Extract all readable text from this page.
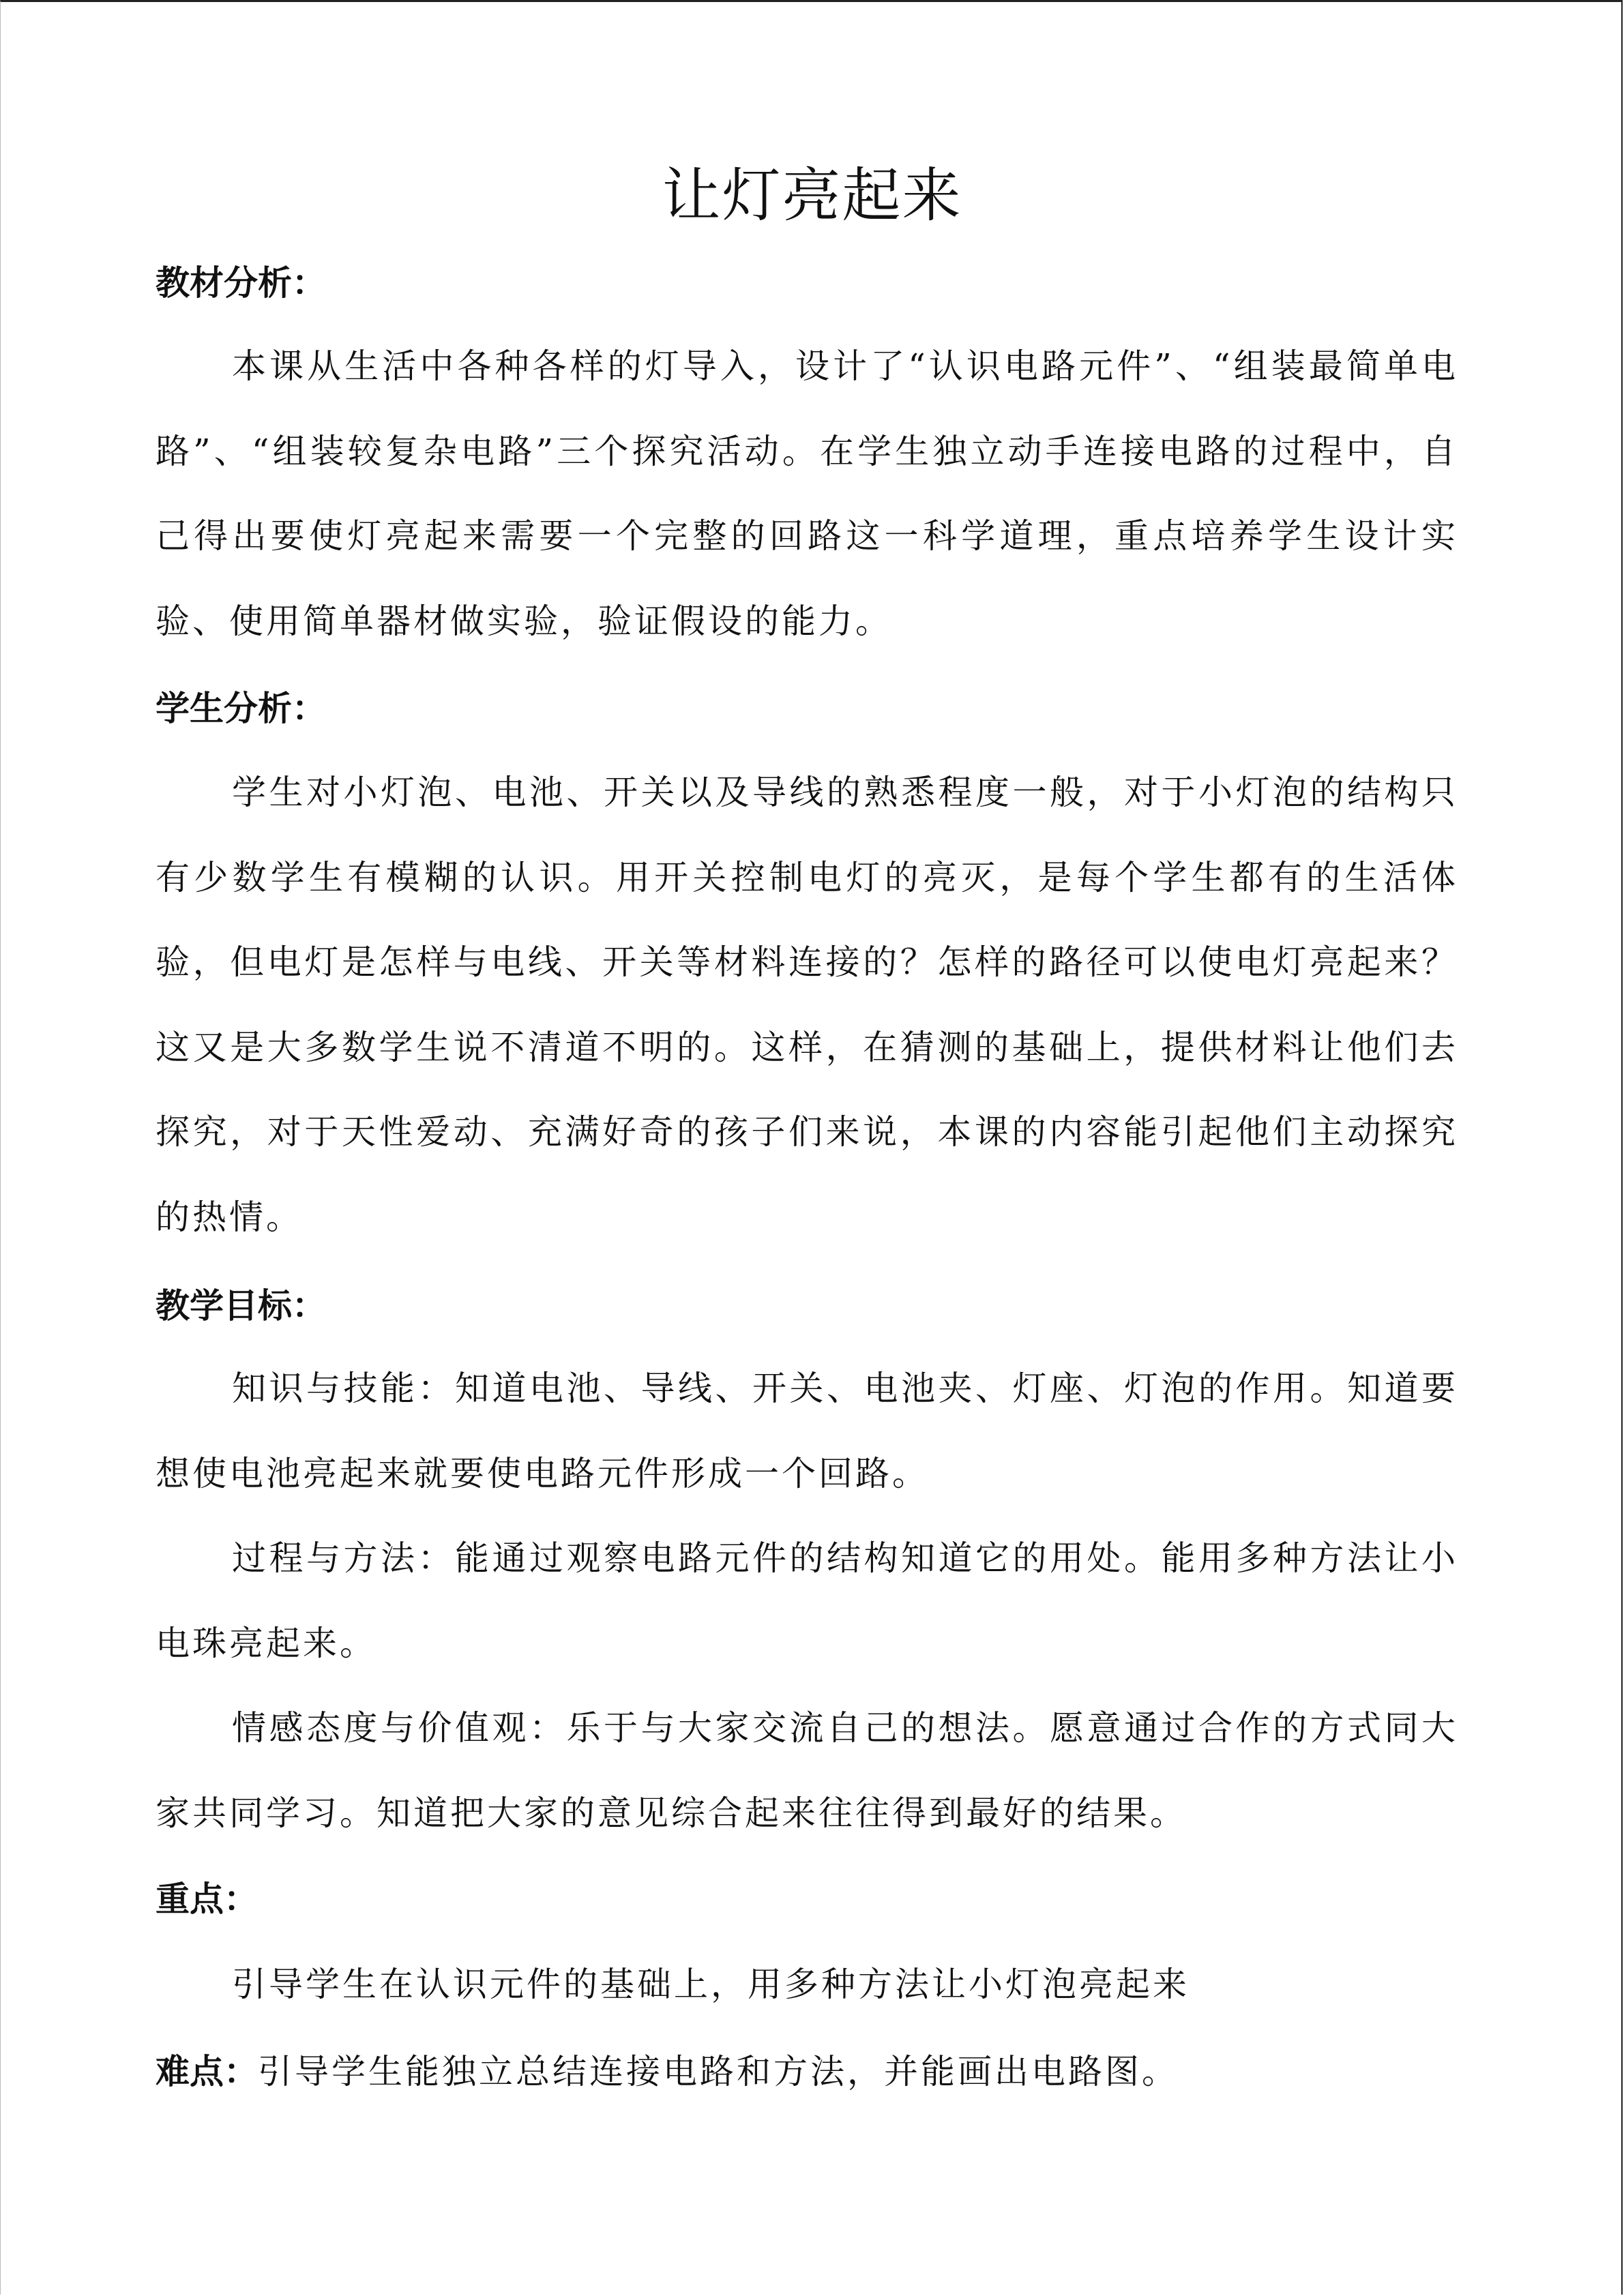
让灯亮起来
教材分析：

本课从生活中各种各样的灯导入，设计了“认识电路元件”、“组装最简单电路”、“组装较复杂电路”三个探究活动。在学生独立动手连接电路的过程中，自己得出要使灯亮起来需要一个完整的回路这一科学道理，重点培养学生设计实验、使用简单器材做实验，验证假设的能力。

学生分析：

学生对小灯泡、电池、开关以及导线的熟悉程度一般，对于小灯泡的结构只有少数学生有模糊的认识。用开关控制电灯的亮灭，是每个学生都有的生活体验，但电灯是怎样与电线、开关等材料连接的？怎样的路径可以使电灯亮起来？这又是大多数学生说不清道不明的。这样，在猜测的基础上，提供材料让他们去探究，对于天性爱动、充满好奇的孩子们来说，本课的内容能引起他们主动探究的热情。

教学目标：

知识与技能：知道电池、导线、开关、电池夹、灯座、灯泡的作用。知道要想使电池亮起来就要使电路元件形成一个回路。

过程与方法：能通过观察电路元件的结构知道它的用处。能用多种方法让小电珠亮起来。

情感态度与价值观：乐于与大家交流自己的想法。愿意通过合作的方式同大家共同学习。知道把大家的意见综合起来往往得到最好的结果。

重点：

引导学生在认识元件的基础上，用多种方法让小灯泡亮起来

难点：引导学生能独立总结连接电路和方法，并能画出电路图。
